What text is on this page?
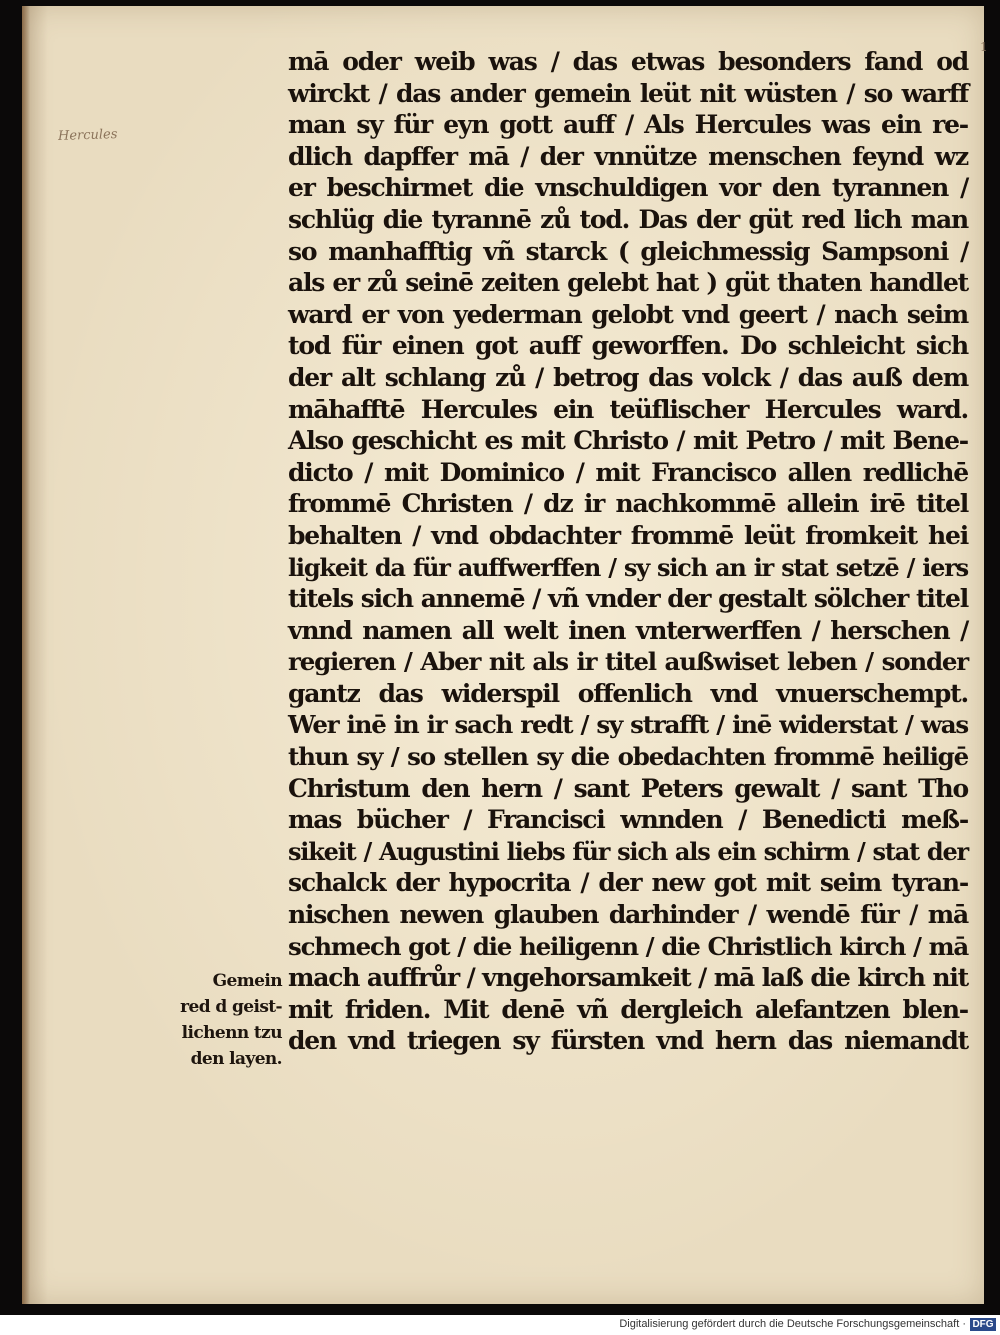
Hercules
1
mā oder weib was / das etwas besonders fand od
wirckt / das ander gemein leüt nit wüsten / so warff
man sy für eyn gott auff / Als Hercules was ein re-
dlich dapffer mā / der vnnütze menschen feynd wz
er beschirmet die vnschuldigen vor den tyrannen /
schlüg die tyrannē zů tod. Das der güt red lich man
so manhafftig vñ starck ( gleichmessig Sampsoni /
als er zů seinē zeiten gelebt hat ) güt thaten handlet
ward er von yederman gelobt vnd geert / nach seim
tod für einen got auff geworffen. Do schleicht sich
der alt schlang zů / betrog das volck / das auß dem
māhafftē Hercules ein teüflischer Hercules ward.
Also geschicht es mit Christo / mit Petro / mit Bene-
dicto / mit Dominico / mit Francisco allen redlichē
frommē Christen / dz ir nachkommē allein irē titel
behalten / vnd obdachter frommē leüt fromkeit hei
ligkeit da für auffwerffen / sy sich an ir stat setzē / iers
titels sich annemē / vñ vnder der gestalt sölcher titel
vnnd namen all welt inen vnterwerffen / herschen /
regieren / Aber nit als ir titel außwiset leben / sonder
gantz das widerspil offenlich vnd vnuerschempt.
Wer inē in ir sach redt / sy strafft / inē widerstat / was
thun sy / so stellen sy die obedachten frommē heiligē
Christum den hern / sant Peters gewalt / sant Tho
mas bücher / Francisci wnnden / Benedicti meß-
sikeit / Augustini liebs für sich als ein schirm / stat der
schalck der hypocrita / der new got mit seim tyran-
nischen newen glauben darhinder / wendē für / mā
schmech got / die heiligenn / die Christlich kirch / mā
mach auffrůr / vngehorsamkeit / mā laß die kirch nit
mit friden. Mit denē vñ dergleich alefantzen blen-
den vnd triegen sy fürsten vnd hern das niemandt
Gemein
red d geist-
lichenn tzu
den layen.
Digitalisierung gefördert durch die Deutsche Forschungsgemeinschaft · DFG
